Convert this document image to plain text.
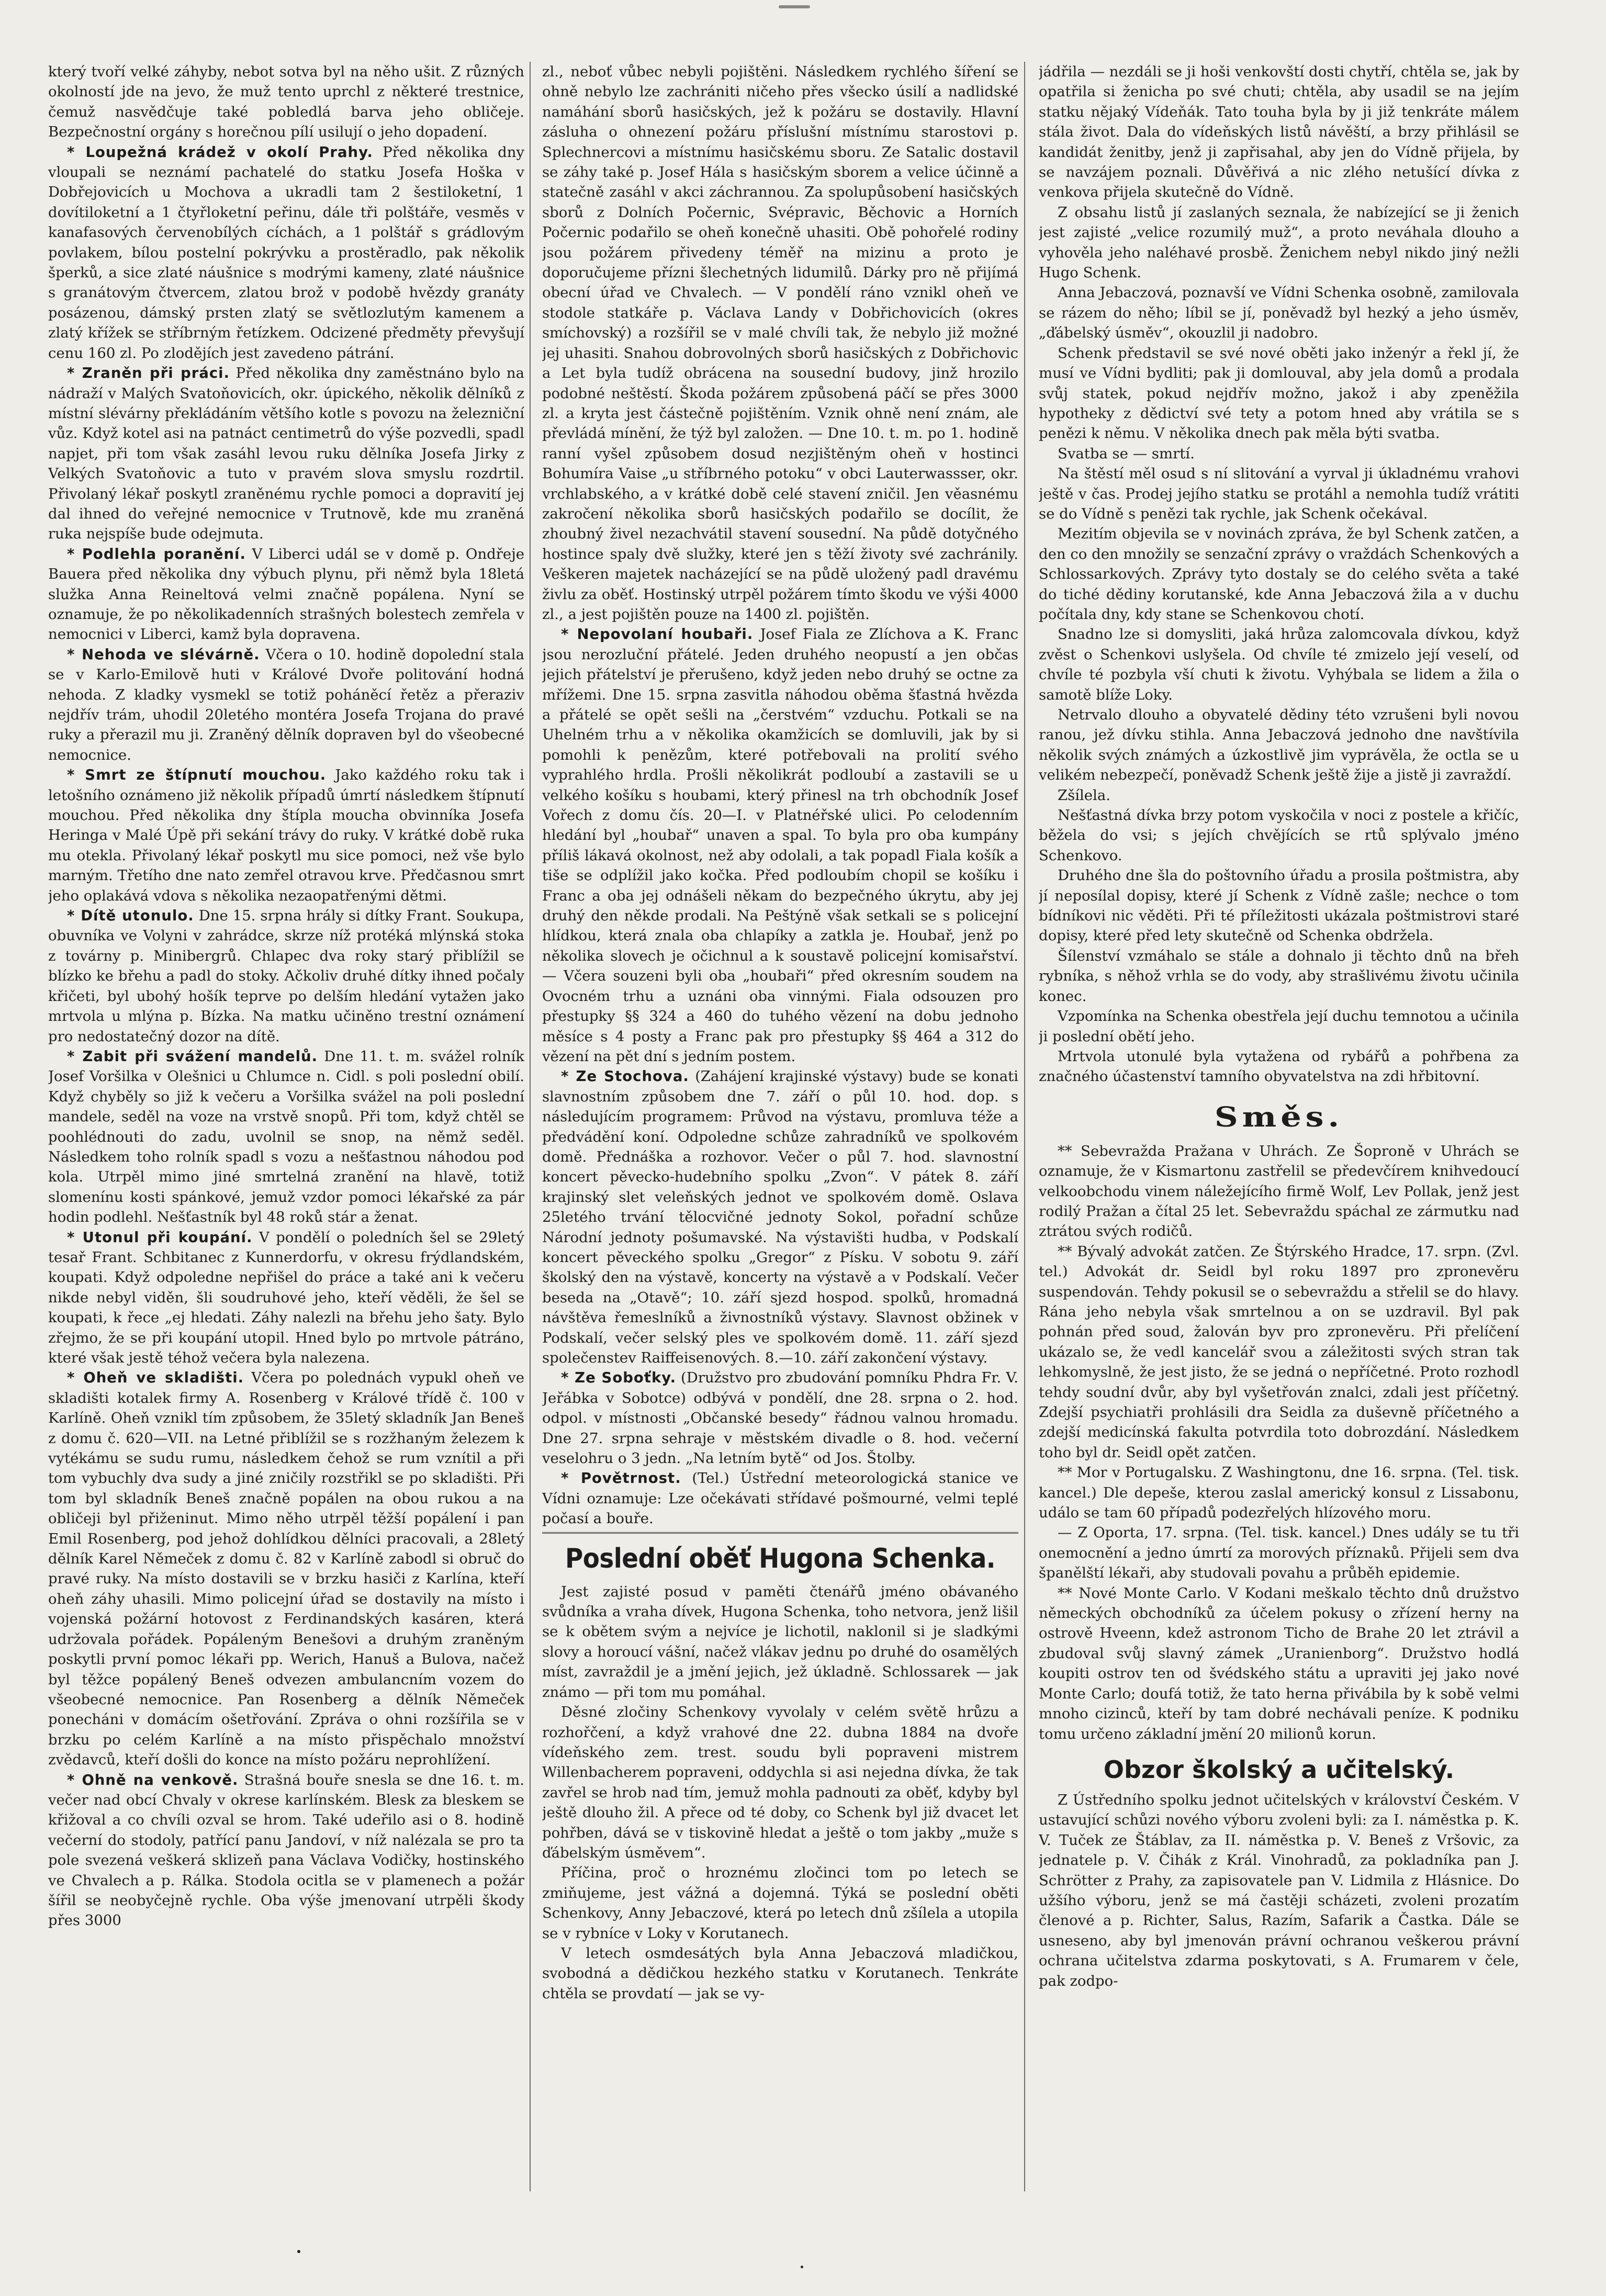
který tvoří velké záhyby, nebot sotva byl na něho ušit. Z různých okolností jde na jevo, že muž tento uprchl z některé trestnice, čemuž nasvědčuje také pobledlá barva jeho obličeje. Bezpečnostní orgány s horečnou pílí usilují o jeho dopadení.

* Loupežná krádež v okolí Prahy. Před několika dny vloupali se neznámí pachatelé do statku Josefa Hoška v Dobřejovicích u Mochova a ukradli tam 2 šestiloketní, 1 dovítiloketní a 1 čtyřloketní peřinu, dále tři polštáře, vesměs v kanafasových červenobílých cíchách, a 1 polštář s grádlovým povlakem, bílou postelní pokrývku a prostěradlo, pak několik šperků, a sice zlaté náušnice s modrými kameny, zlaté náušnice s granátovým čtvercem, zlatou brož v podobě hvězdy granáty posázenou, dámský prsten zlatý se světlozlutým kamenem a zlatý křížek se stříbrným řetízkem. Odcizené předměty převyšují cenu 160 zl. Po zlodějích jest zavedeno pátrání.

* Zraněn při práci. Před několika dny zaměstnáno bylo na nádraží v Malých Svatoňovicích, okr. úpického, několik dělníků z místní slévárny překládáním většího kotle s povozu na železniční vůz. Když kotel asi na patnáct centimetrů do výše pozvedli, spadl napjet, při tom však zasáhl levou ruku dělníka Josefa Jirky z Velkých Svatoňovic a tuto v pravém slova smyslu rozdrtil. Přivolaný lékař poskytl zraněnému rychle pomoci a dopravití jej dal ihned do veřejné nemocnice v Trutnově, kde mu zraněná ruka nejspíše bude odejmuta.

* Podlehla poranění. V Liberci udál se v domě p. Ondřeje Bauera před několika dny výbuch plynu, při němž byla 18letá služka Anna Reineltová velmi značně popálena. Nyní se oznamuje, že po několikadenních strašných bolestech zemřela v nemocnici v Liberci, kamž byla dopravena.

* Nehoda ve slévárně. Včera o 10. hodině dopolední stala se v Karlo-Emilově huti v Králové Dvoře politování hodná nehoda. Z kladky vysmekl se totiž poháněcí řetěz a přeraziv nejdřív trám, uhodil 20letého montéra Josefa Trojana do pravé ruky a přerazil mu ji. Zraněný dělník dopraven byl do všeobecné nemocnice.

* Smrt ze štípnutí mouchou. Jako každého roku tak i letošního oznámeno již několik případů úmrtí následkem štípnutí mouchou. Před několika dny štípla moucha obvinníka Josefa Heringa v Malé Úpě při sekání trávy do ruky. V krátké době ruka mu otekla. Přivolaný lékař poskytl mu sice pomoci, než vše bylo marným. Třetího dne nato zemřel otravou krve. Předčasnou smrt jeho oplakává vdova s několika nezaopatřenými dětmi.

* Dítě utonulo. Dne 15. srpna hrály si dítky Frant. Soukupa, obuvníka ve Volyni v zahrádce, skrze níž protéká mlýnská stoka z továrny p. Minibergrů. Chlapec dva roky starý přiblížil se blízko ke břehu a padl do stoky. Ačkoliv druhé dítky ihned počaly křičeti, byl ubohý hošík teprve po delším hledání vytažen jako mrtvola u mlýna p. Bízka. Na matku učiněno trestní oznámení pro nedostatečný dozor na dítě.

* Zabit při svážení mandelů. Dne 11. t. m. svážel rolník Josef Voršilka v Olešnici u Chlumce n. Cidl. s poli poslední obilí. Když chyběly so již k večeru a Voršilka svážel na poli poslední mandele, seděl na voze na vrstvě snopů. Při tom, když chtěl se poohlédnouti do zadu, uvolnil se snop, na němž seděl. Následkem toho rolník spadl s vozu a nešťastnou náhodou pod kola. Utrpěl mimo jiné smrtelná zranění na hlavě, totiž slomenínu kosti spánkové, jemuž vzdor pomoci lékařské za pár hodin podlehl. Nešťastník byl 48 roků stár a ženat.

* Utonul při koupání. V pondělí o poledních šel se 29letý tesař Frant. Schbitanec z Kunnerdorfu, v okresu frýdlandském, koupati. Když odpoledne nepřišel do práce a také ani k večeru nikde nebyl viděn, šli soudruhové jeho, kteří věděli, že šel se koupati, k řece „ej hledati. Záhy nalezli na břehu jeho šaty. Bylo zřejmo, že se při koupání utopil. Hned bylo po mrtvole pátráno, které však jestě téhož večera byla nalezena.

* Oheň ve skladišti. Včera po polednách vypukl oheň ve skladišti kotalek firmy A. Rosenberg v Králové třídě č. 100 v Karlíně. Oheň vznikl tím způsobem, že 35letý skladník Jan Beneš z domu č. 620—VII. na Letné přiblížil se s rozžhaným železem k vytékámu se sudu rumu, následkem čehož se rum vznítil a při tom vybuchly dva sudy a jiné zničily rozstřikl se po skladišti. Při tom byl skladník Beneš značně popálen na obou rukou a na obličeji byl přiženinut. Mimo něho utrpěl těžší popálení i pan Emil Rosenberg, pod jehož dohlídkou dělníci pracovali, a 28letý dělník Karel Němeček z domu č. 82 v Karlíně zabodl si obruč do pravé ruky. Na místo dostavili se v brzku hasiči z Karlína, kteří oheň záhy uhasili. Mimo policejní úřad se dostavily na místo i vojenská požární hotovost z Ferdinandských kasáren, která udržovala pořádek. Popáleným Benešovi a druhým zraněným poskytli první pomoc lékaři pp. Werich, Hanuš a Bulova, načež byl těžce popálený Beneš odvezen ambulancním vozem do všeobecné nemocnice. Pan Rosenberg a dělník Němeček ponecháni v domácím ošetřování. Zpráva o ohni rozšířila se v brzku po celém Karlíně a na místo přispěchalo množství zvědavců, kteří došli do konce na místo požáru neprohlížení.

* Ohně na venkově. Strašná bouře snesla se dne 16. t. m. večer nad obcí Chvaly v okrese karlínském. Blesk za bleskem se křižoval a co chvíli ozval se hrom. Také udeřilo asi o 8. hodině večerní do stodoly, patřící panu Jandoví, v níž nalézala se pro ta pole svezená veškerá sklizeň pana Václava Vodičky, hostinského ve Chvalech a p. Rálka. Stodola ocitla se v plamenech a požár šířil se neobyčejně rychle. Oba výše jmenovaní utrpěli škody přes 3000

zl., neboť vůbec nebyli pojištěni. Následkem rychlého šíření se ohně nebylo lze zachrániti ničeho přes všecko úsilí a nadlidské namáhání sborů hasičských, jež k požáru se dostavily. Hlavní zásluha o ohnezení požáru příslušní místnímu starostovi p. Splechnercovi a místnímu hasičskému sboru. Ze Satalic dostavil se záhy také p. Josef Hála s hasičským sborem a velice účinně a statečně zasáhl v akci záchrannou. Za spolupůsobení hasičských sborů z Dolních Počernic, Svépravic, Běchovic a Horních Počernic podařilo se oheň konečně uhasiti. Obě pohořelé rodiny jsou požárem přivedeny téměř na mizinu a proto je doporučujeme přízni šlechetných lidumilů. Dárky pro ně přijímá obecní úřad ve Chvalech. — V pondělí ráno vznikl oheň ve stodole statkáře p. Václava Landy v Dobřichovicích (okres smíchovský) a rozšířil se v malé chvíli tak, že nebylo již možné jej uhasiti. Snahou dobrovolných sborů hasičských z Dobřichovic a Let byla tudíž obrácena na sousední budovy, jinž hrozilo podobné neštěstí. Škoda požárem způsobená páčí se přes 3000 zl. a kryta jest částečně pojištěním. Vznik ohně není znám, ale převládá mínění, že týž byl založen. — Dne 10. t. m. po 1. hodině ranní vyšel způsobem dosud nezjištěným oheň v hostinci Bohumíra Vaise „u stříbrného potoku“ v obci Lauterwassser, okr. vrchlabského, a v krátké době celé stavení zničil. Jen věasnému zakročení několika sborů hasičských podařilo se docílit, že zhoubný živel nezachvátil stavení sousední. Na půdě dotyčného hostince spaly dvě služky, které jen s těží životy své zachránily. Veškeren majetek nacházející se na půdě uložený padl dravému živlu za oběť. Hostinský utrpěl požárem tímto škodu ve výši 4000 zl., a jest pojištěn pouze na 1400 zl. pojištěn.

* Nepovolaní houbaři. Josef Fiala ze Zlíchova a K. Franc jsou nerozluční přátelé. Jeden druhého neopustí a jen občas jejich přátelství je přerušeno, když jeden nebo druhý se octne za mřížemi. Dne 15. srpna zasvitla náhodou oběma šťastná hvězda a přátelé se opět sešli na „čerstvém“ vzduchu. Potkali se na Uhelném trhu a v několika okamžicích se domluvili, jak by si pomohli k penězům, které potřebovali na prolití svého vyprahlého hrdla. Prošli několikrát podloubí a zastavili se u velkého košíku s houbami, který přinesl na trh obchodník Josef Vořech z domu čís. 20—I. v Platnéřské ulici. Po celodenním hledání byl „houbař“ unaven a spal. To byla pro oba kumpány příliš lákavá okolnost, než aby odolali, a tak popadl Fiala košík a tiše se odplížil jako kočka. Před podloubím chopil se košíku i Franc a oba jej odnášeli někam do bezpečného úkrytu, aby jej druhý den někde prodali. Na Peštýně však setkali se s policejní hlídkou, která znala oba chlapíky a zatkla je. Houbař, jenž po několika slovech je očichnul a k soustavě policejní komisařství. — Včera souzeni byli oba „houbaři“ před okresním soudem na Ovocném trhu a uznáni oba vinnými. Fiala odsouzen pro přestupky §§ 324 a 460 do tuhého vězení na dobu jednoho měsíce s 4 posty a Franc pak pro přestupky §§ 464 a 312 do vězení na pět dní s jedním postem.

* Ze Stochova. (Zahájení krajinské výstavy) bude se konati slavnostním způsobem dne 7. září o půl 10. hod. dop. s následujícím programem: Průvod na výstavu, promluva téže a předvádění koní. Odpoledne schůze zahradníků ve spolkovém domě. Přednáška a rozhovor. Večer o půl 7. hod. slavnostní koncert pěvecko-hudebního spolku „Zvon“. V pátek 8. září krajinský slet veleňských jednot ve spolkovém domě. Oslava 25letého trvání tělocvičné jednoty Sokol, pořadní schůze Národní jednoty pošumavské. Na výstavišti hudba, v Podskalí koncert pěveckého spolku „Gregor“ z Písku. V sobotu 9. září školský den na výstavě, koncerty na výstavě a v Podskalí. Večer beseda na „Otavě“; 10. září sjezd hospod. spolků, hromadná návštěva řemeslníků a živnostníků výstavy. Slavnost obžinek v Podskalí, večer selský ples ve spolkovém domě. 11. září sjezd společenstev Raiffeisenových. 8.—10. září zakončení výstavy.

* Ze Soboťky. (Družstvo pro zbudování pomníku Phdra Fr. V. Jeřábka v Sobotce) odbývá v pondělí, dne 28. srpna o 2. hod. odpol. v místnosti „Občanské besedy“ řádnou valnou hromadu. Dne 27. srpna sehraje v městském divadle o 8. hod. večerní veselohru o 3 jedn. „Na letním bytě“ od Jos. Štolby.

* Povětrnost. (Tel.) Ústřední meteorologická stanice ve Vídni oznamuje: Lze očekávati střídavé pošmourné, velmi teplé počasí a bouře.

Poslední oběť Hugona Schenka.

Jest zajisté posud v paměti čtenářů jméno obávaného svůdníka a vraha dívek, Hugona Schenka, toho netvora, jenž lišil se k obětem svým a nejvíce je lichotil, naklonil si je sladkými slovy a horoucí vášní, načež vlákav jednu po druhé do osamělých míst, zavraždil je a jmění jejich, jež úkladně. Schlossarek — jak známo — při tom mu pomáhal.

Děsné zločiny Schenkovy vyvolaly v celém světě hrůzu a rozhořčení, a když vrahové dne 22. dubna 1884 na dvoře vídeňského zem. trest. soudu byli popraveni mistrem Willenbacherem popraveni, oddychla si asi nejedna dívka, že tak zavřel se hrob nad tím, jemuž mohla padnouti za oběť, kdyby byl ještě dlouho žil. A přece od té doby, co Schenk byl již dvacet let pohřben, dává se v tiskovině hledat a ještě o tom jakby „muže s ďábelským úsměvem“.

Příčina, proč o hroznému zločinci tom po letech se zmiňujeme, jest vážná a dojemná. Týká se poslední oběti Schenkovy, Anny Jebaczové, která po letech dnů zšílela a utopila se v rybníce v Loky v Korutanech.

V letech osmdesátých byla Anna Jebaczová mladičkou, svobodná a dědičkou hezkého statku v Korutanech. Tenkráte chtěla se provdatí — jak se vy-

jádřila — nezdáli se ji hoši venkovští dosti chytří, chtěla se, jak by opatřila si ženicha po své chuti; chtěla, aby usadil se na jejím statku nějaký Vídeňák. Tato touha byla by ji již tenkráte málem stála život. Dala do vídeňských listů návěští, a brzy přihlásil se kandidát ženitby, jenž ji zapřisahal, aby jen do Vídně přijela, by se navzájem poznali. Důvěřivá a nic zlého netušící dívka z venkova přijela skutečně do Vídně.

Z obsahu listů jí zaslaných seznala, že nabízející se ji ženich jest zajisté „velice rozumilý muž“, a proto neváhala dlouho a vyhověla jeho naléhavé prosbě. Ženichem nebyl nikdo jiný nežli Hugo Schenk.

Anna Jebaczová, poznavší ve Vídni Schenka osobně, zamilovala se rázem do něho; líbil se jí, poněvadž byl hezký a jeho úsměv, „ďábelský úsměv“, okouzlil ji nadobro.

Schenk představil se své nové oběti jako inženýr a řekl jí, že musí ve Vídni bydliti; pak ji domlouval, aby jela domů a prodala svůj statek, pokud nejdřív možno, jakož i aby zpeněžila hypotheky z dědictví své tety a potom hned aby vrátila se s penězi k němu. V několika dnech pak měla býti svatba.

Svatba se — smrtí.

Na štěstí měl osud s ní slitování a vyrval ji úkladnému vrahovi ještě v čas. Prodej jejího statku se protáhl a nemohla tudíž vrátiti se do Vídně s penězi tak rychle, jak Schenk očekával.

Mezitím objevila se v novinách zpráva, že byl Schenk zatčen, a den co den množily se senzační zprávy o vraždách Schenkových a Schlossarkových. Zprávy tyto dostaly se do celého světa a také do tiché dědiny korutanské, kde Anna Jebaczová žila a v duchu počítala dny, kdy stane se Schenkovou chotí.

Snadno lze si domysliti, jaká hrůza zalomcovala dívkou, když zvěst o Schenkovi uslyšela. Od chvíle té zmizelo její veselí, od chvíle té pozbyla vší chuti k životu. Vyhýbala se lidem a žila o samotě blíže Loky.

Netrvalo dlouho a obyvatelé dědiny této vzrušeni byli novou ranou, jež dívku stihla. Anna Jebaczová jednoho dne navštívila několik svých známých a úzkostlivě jim vyprávěla, že octla se u velikém nebezpečí, poněvadž Schenk ještě žije a jistě ji zavraždí.

Zšílela.

Nešťastná dívka brzy potom vyskočila v noci z postele a křičíc, běžela do vsi; s jejích chvějících se rtů splývalo jméno Schenkovo.

Druhého dne šla do poštovního úřadu a prosila poštmistra, aby jí neposílal dopisy, které jí Schenk z Vídně zašle; nechce o tom bídníkovi nic věděti. Při té příležitosti ukázala poštmistrovi staré dopisy, které před lety skutečně od Schenka obdržela.

Šílenství vzmáhalo se stále a dohnalo ji těchto dnů na břeh rybníka, s něhož vrhla se do vody, aby strašlivému životu učinila konec.

Vzpomínka na Schenka obestřela její duchu temnotou a učinila ji poslední obětí jeho.

Mrtvola utonulé byla vytažena od rybářů a pohřbena za značného účastenství tamního obyvatelstva na zdi hřbitovní.

Směs.

** Sebevražda Pražana v Uhrách. Ze Šoproně v Uhrách se oznamuje, že v Kismartonu zastřelil se předevčírem knihvedoucí velkoobchodu vinem náležejícího firmě Wolf, Lev Pollak, jenž jest rodilý Pražan a čítal 25 let. Sebevraždu spáchal ze zármutku nad ztrátou svých rodičů.

** Bývalý advokát zatčen. Ze Štýrského Hradce, 17. srpn. (Zvl. tel.) Advokát dr. Seidl byl roku 1897 pro zpronevěru suspendován. Tehdy pokusil se o sebevraždu a střelil se do hlavy. Rána jeho nebyla však smrtelnou a on se uzdravil. Byl pak pohnán před soud, žalován byv pro zpronevěru. Při přelíčení ukázalo se, že vedl kancelář svou a záležitosti svých stran tak lehkomyslně, že jest jisto, že se jedná o nepříčetné. Proto rozhodl tehdy soudní dvůr, aby byl vyšetřován znalci, zdali jest příčetný. Zdejší psychiatři prohlásili dra Seidla za duševně příčetného a zdejší medicínská fakulta potvrdila toto dobrozdání. Následkem toho byl dr. Seidl opět zatčen.

** Mor v Portugalsku. Z Washingtonu, dne 16. srpna. (Tel. tisk. kancel.) Dle depeše, kterou zaslal americký konsul z Lissabonu, událo se tam 60 případů podezřelých hlízového moru.

— Z Oporta, 17. srpna. (Tel. tisk. kancel.) Dnes udály se tu tři onemocnění a jedno úmrtí za morových příznaků. Přijeli sem dva španělští lékaři, aby studovali povahu a průběh epidemie.

** Nové Monte Carlo. V Kodani meškalo těchto dnů družstvo německých obchodníků za účelem pokusy o zřízení herny na ostrově Hveenn, kdež astronom Ticho de Brahe 20 let ztrávil a zbudoval svůj slavný zámek „Uranienborg“. Družstvo hodlá koupiti ostrov ten od švédského státu a upraviti jej jako nové Monte Carlo; doufá totiž, že tato herna přivábila by k sobě velmi mnoho cizinců, kteří by tam dobré nechávali peníze. K podniku tomu určeno základní jmění 20 milionů korun.

Obzor školský a učitelský.

Z Ústředního spolku jednot učitelských v království Českém. V ustavující schůzi nového výboru zvoleni byli: za I. náměstka p. K. V. Tuček ze Štáblav, za II. náměstka p. V. Beneš z Vršovic, za jednatele p. V. Čihák z Král. Vinohradů, za pokladníka pan J. Schrötter z Prahy, za zapisovatele pan V. Lidmila z Hlásnice. Do užšího výboru, jenž se má častěji scházeti, zvoleni prozatím členové a p. Richter, Salus, Razím, Safarik a Častka. Dále se usneseno, aby byl jmenován právní ochranou veškerou právní ochrana učitelstva zdarma poskytovati, s A. Frumarem v čele, pak zodpo-
